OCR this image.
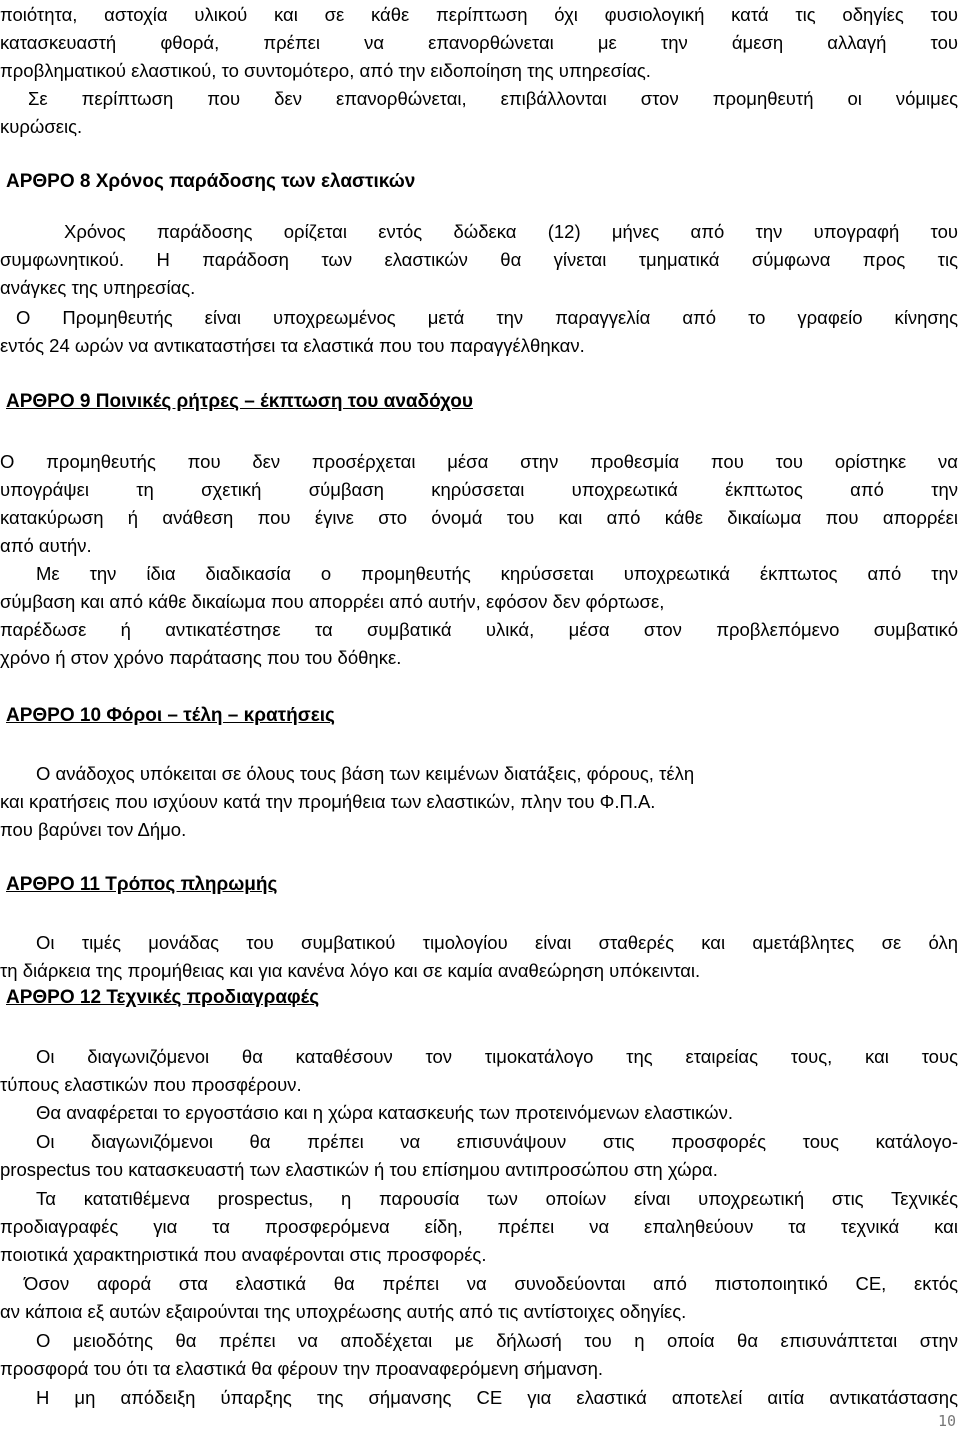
ποιότητα, αστοχία υλικού και σε κάθε περίπτωση όχι φυσιολογική κατά τις οδηγίες του
κατασκευαστή φθορά, πρέπει να επανορθώνεται με την άμεση αλλαγή του
προβληματικού ελαστικού, το συντομότερο, από την ειδοποίηση της υπηρεσίας.
Σε περίπτωση που δεν επανορθώνεται, επιβάλλονται στον προμηθευτή οι νόμιμες
κυρώσεις.
ΑΡΘΡΟ 8 Χρόνος παράδοσης των ελαστικών
Χρόνος παράδοσης ορίζεται εντός δώδεκα (12) μήνες από την υπογραφή του
συμφωνητικού. Η παράδοση των ελαστικών θα γίνεται τμηματικά σύμφωνα προς τις
ανάγκες της υπηρεσίας.
Ο Προμηθευτής είναι υποχρεωμένος μετά την παραγγελία από το γραφείο κίνησης
εντός 24 ωρών να αντικαταστήσει τα ελαστικά που του παραγγέλθηκαν.
ΑΡΘΡΟ 9 Ποινικές ρήτρες – έκπτωση του αναδόχου
Ο προμηθευτής που δεν προσέρχεται μέσα στην προθεσμία που του ορίστηκε να
υπογράψει τη σχετική σύμβαση κηρύσσεται υποχρεωτικά έκπτωτος από την
κατακύρωση ή ανάθεση που έγινε στο όνομά του και από κάθε δικαίωμα που απορρέει
από αυτήν.
Με την ίδια διαδικασία ο προμηθευτής κηρύσσεται υποχρεωτικά έκπτωτος από την
σύμβαση και από κάθε δικαίωμα που απορρέει από αυτήν, εφόσον δεν φόρτωσε,
παρέδωσε ή αντικατέστησε τα συμβατικά υλικά, μέσα στον προβλεπόμενο συμβατικό
χρόνο ή στον χρόνο παράτασης που του δόθηκε.
ΑΡΘΡΟ 10 Φόροι – τέλη – κρατήσεις
Ο ανάδοχος υπόκειται σε όλους τους βάση των κειμένων διατάξεις, φόρους, τέλη
και κρατήσεις που ισχύουν κατά την προμήθεια των ελαστικών, πλην του Φ.Π.Α.
που βαρύνει τον Δήμο.
ΑΡΘΡΟ 11 Τρόπος πληρωμής
Οι τιμές μονάδας του συμβατικού τιμολογίου είναι σταθερές και αμετάβλητες σε όλη
τη διάρκεια της προμήθειας και για κανένα λόγο και σε καμία αναθεώρηση υπόκεινται.
ΑΡΘΡΟ 12 Τεχνικές προδιαγραφές
Οι διαγωνιζόμενοι θα καταθέσουν τον τιμοκατάλογο της εταιρείας τους, και τους
τύπους ελαστικών που προσφέρουν.
Θα αναφέρεται το εργοστάσιο και η χώρα κατασκευής των προτεινόμενων ελαστικών.
Οι διαγωνιζόμενοι θα πρέπει να επισυνάψουν στις προσφορές τους κατάλογο-
prospectus του κατασκευαστή των ελαστικών ή του επίσημου αντιπροσώπου στη χώρα.
Τα κατατιθέμενα prospectus, η παρουσία των οποίων είναι υποχρεωτική στις Τεχνικές
προδιαγραφές για τα προσφερόμενα είδη, πρέπει να επαληθεύουν τα τεχνικά και
ποιοτικά χαρακτηριστικά που αναφέρονται στις προσφορές.
Όσον αφορά στα ελαστικά θα πρέπει να συνοδεύονται από πιστοποιητικό CE, εκτός
αν κάποια εξ αυτών εξαιρούνται της υποχρέωσης αυτής από τις αντίστοιχες οδηγίες.
Ο μειοδότης θα πρέπει να αποδέχεται με δήλωσή του η οποία θα επισυνάπτεται στην
προσφορά του ότι τα ελαστικά θα φέρουν την προαναφερόμενη σήμανση.
Η μη απόδειξη ύπαρξης της σήμανσης CE για ελαστικά αποτελεί αιτία αντικατάστασης
10
